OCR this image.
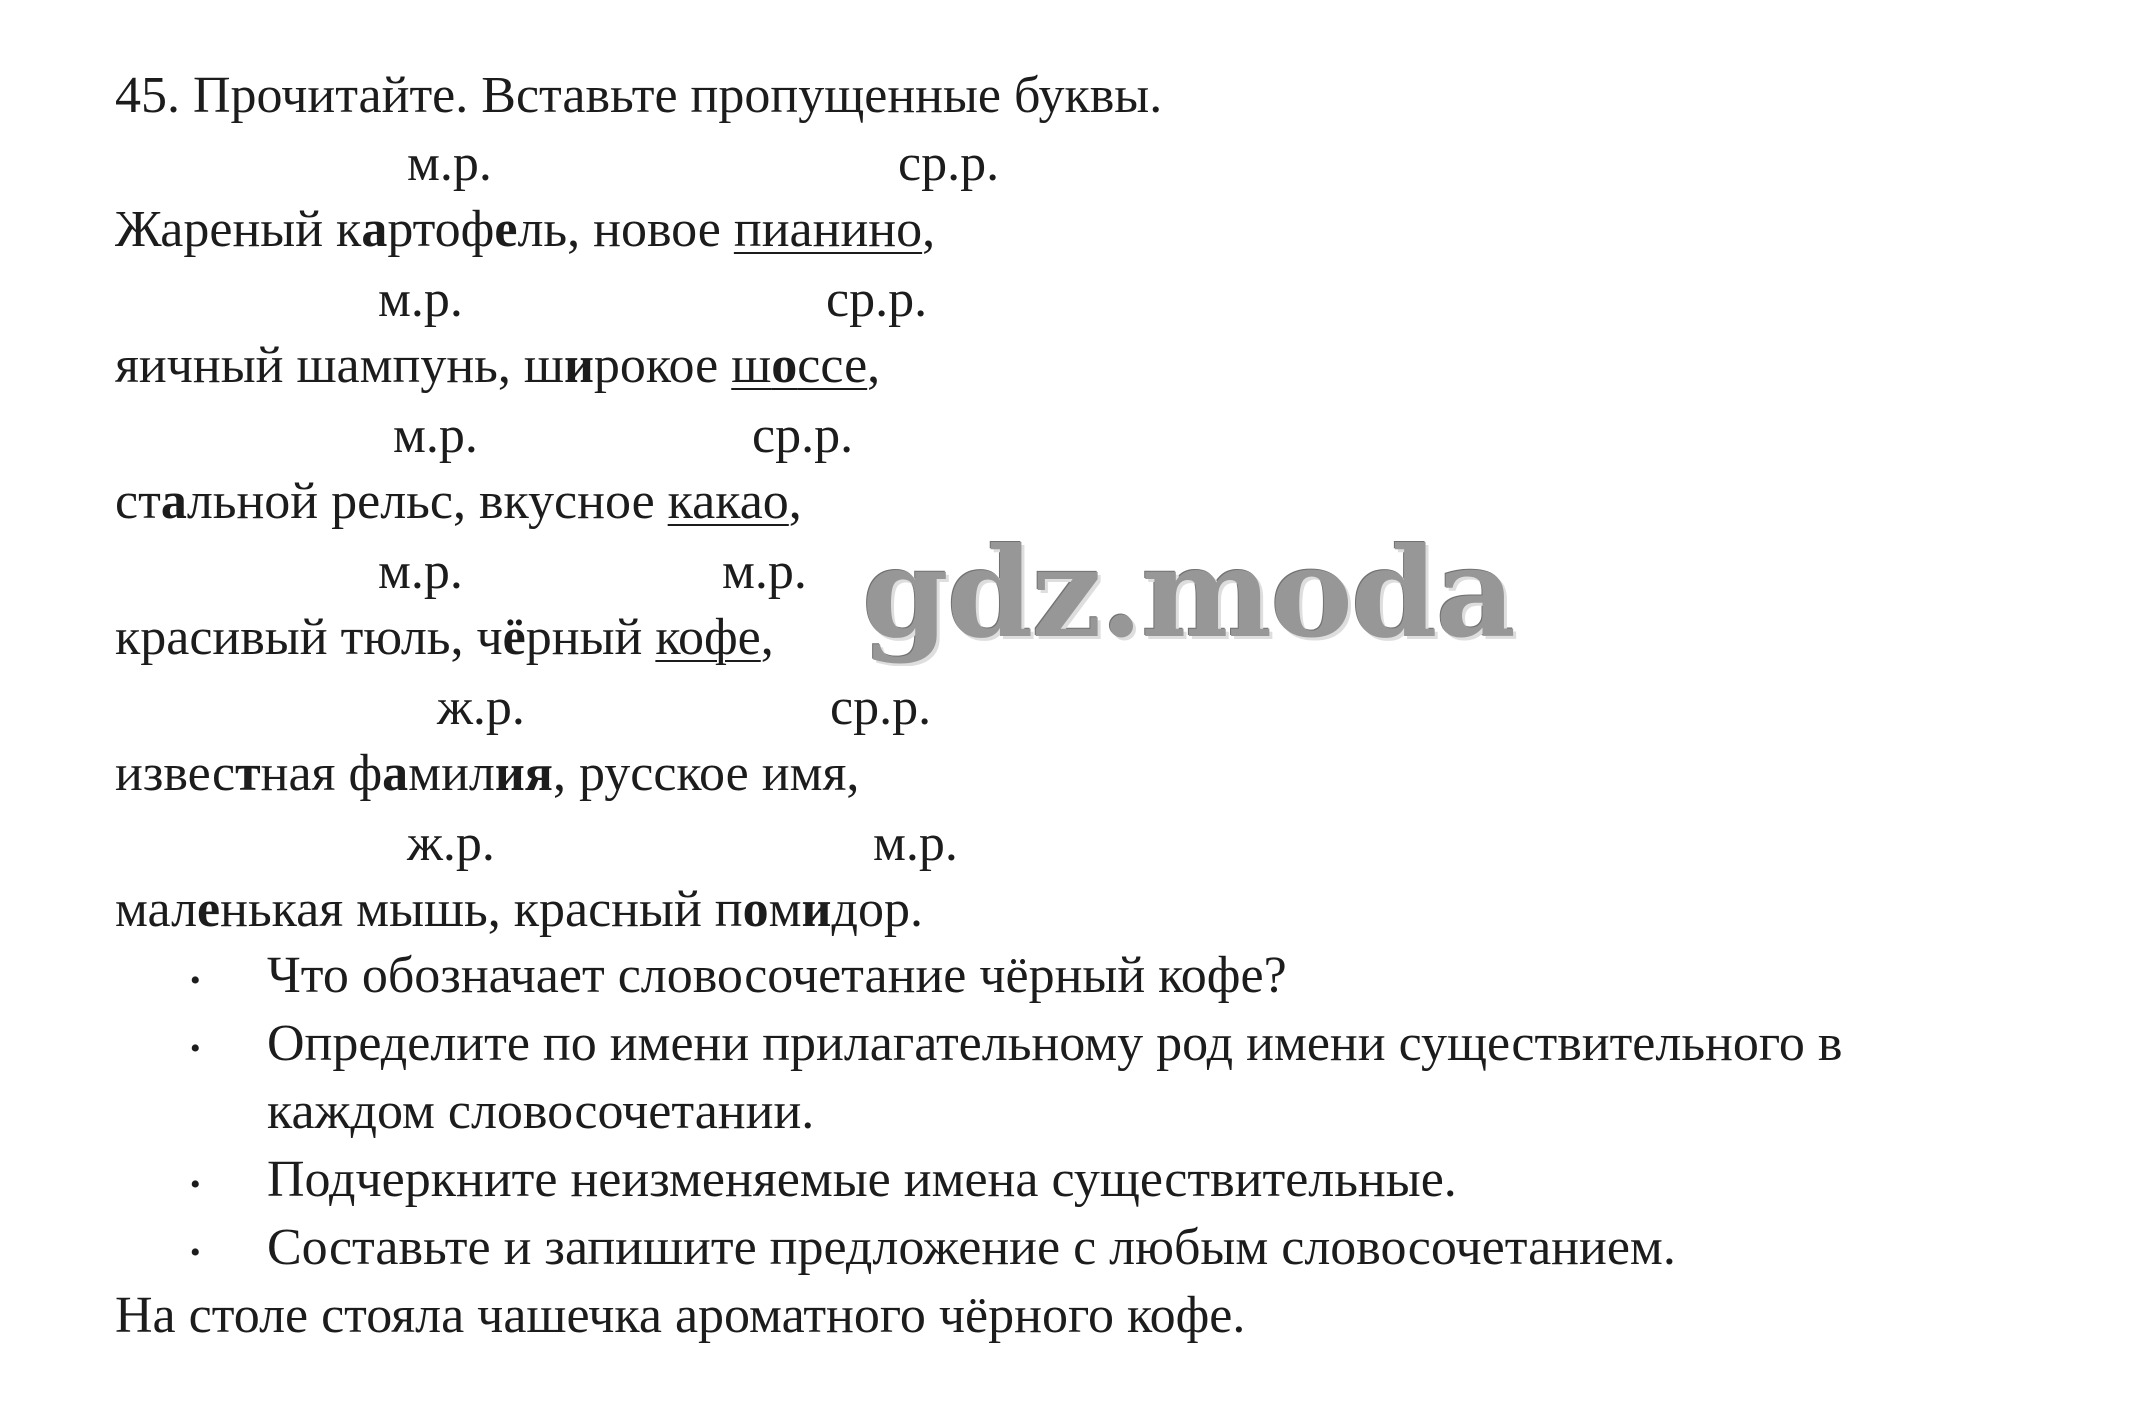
45. Прочитайте. Вставьте пропущенные буквы.
м.р.	ср.р.
Жареный картофель, новое пианино,
м.р.	ср.р.
яичный шампунь, широкое шоссе,
м.р.	ср.р.
стальной рельс, вкусное какао,
м.р.	м.р.
красивый тюль, чёрный кофе,
ж.р.	ср.р.
известная фамилия, русское имя,
ж.р.	м.р.
маленькая мышь, красный помидор.
• Что обозначает словосочетание чёрный кофе?
• Определите по имени прилагательному род имени существительного в
каждом словосочетании.
• Подчеркните неизменяемые имена существительные.
• Составьте и запишите предложение с любым словосочетанием.
На столе стояла чашечка ароматного чёрного кофе.
gdz.moda
